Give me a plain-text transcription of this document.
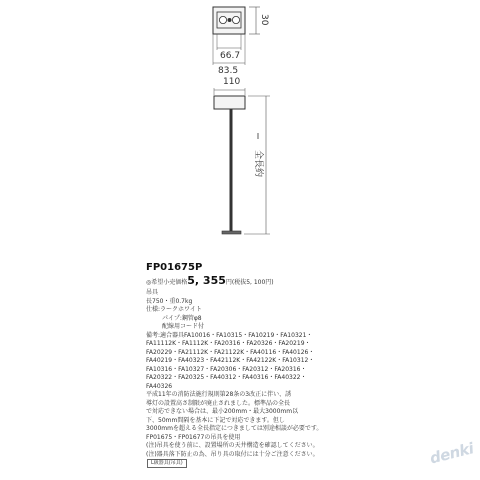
30
66.7
83.5
110
全長約
FP01675P
◎希望小売価格5, 355円(税抜5, 100円)
吊具
長750・重0.7kg
仕様:ラークホワイト
パイプ:鋼管φ8
配線用コード付
備考:適合器具FA10016・FA10315・FA10219・FA10321・
FA11112K・FA1112K・FA20316・FA20326・FA20219・
FA20229・FA21112K・FA21122K・FA40116・FA40126・
FA40219・FA40323・FA42112K・FA42122K・FA10312・
FA10316・FA10327・FA20306・FA20312・FA20316・
FA20322・FA20325・FA40312・FA40316・FA40322・
FA40326
平成11年の消防法施行規則第28条の3改正に伴い、誘
導灯の設置高さ制限が廃止されました。標準品の全長
で対応できない場合は、最小200mm・最大3000mm以
下、50mm間隔を基本に下記で対応できます。但し
3000mmを超える全長指定につきましては別途相談が必要です。
FP01675・FP01677の吊具を使用
(注)吊具を使う前に、設置場所の天井構造を確認してください。
(注)器具落下防止の為、吊り具の取付には十分ご注意ください。
L級器具(吊具)	denki
